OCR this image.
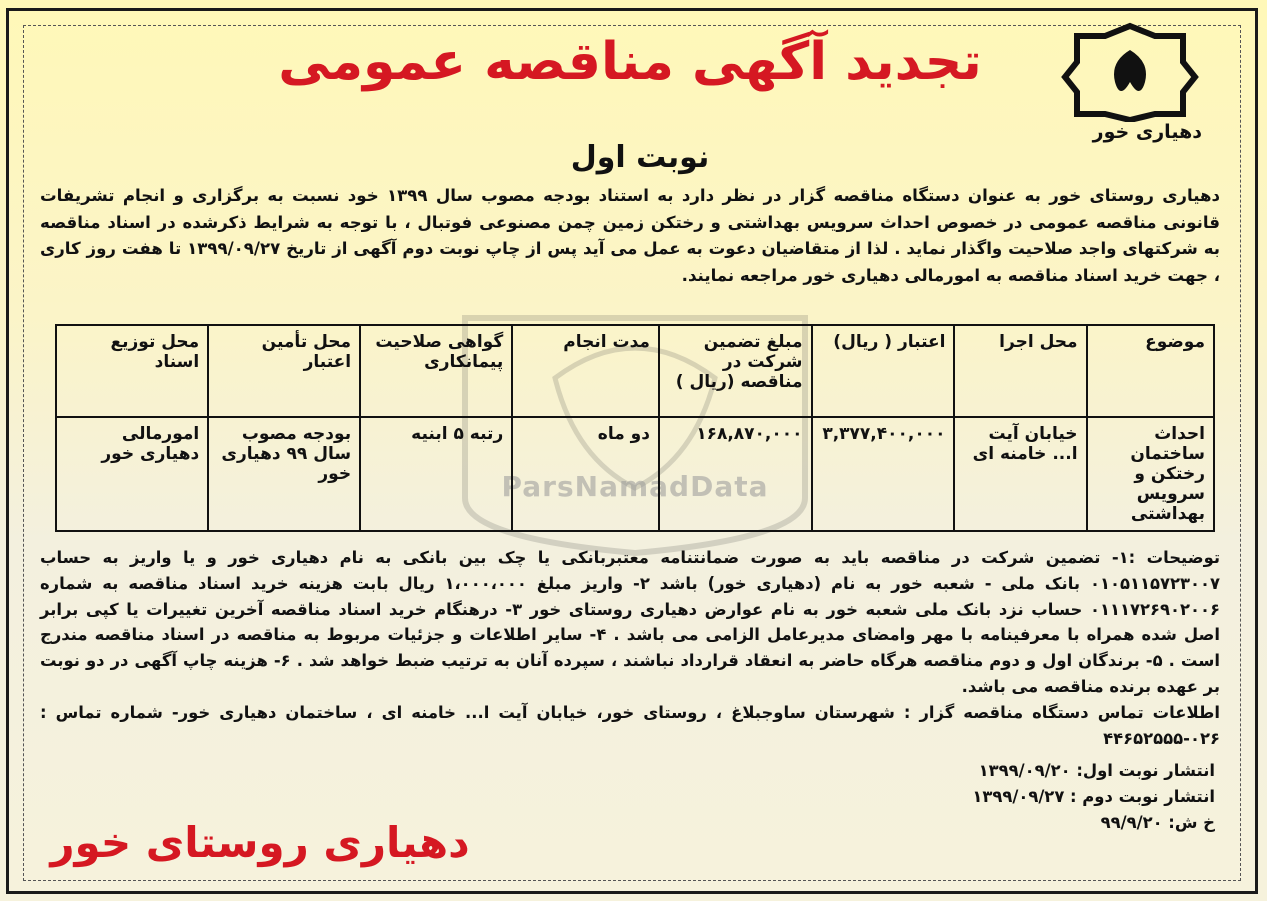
ParsNamadData
دهیاری خور
تجدید آگهی مناقصه عمومی
نوبت اول
دهیاری روستای خور به عنوان دستگاه مناقصه گزار در نظر دارد به استناد بودجه مصوب سال ۱۳۹۹ خود نسبت به برگزاری و انجام تشریفات قانونی مناقصه عمومی در خصوص احداث سرویس بهداشتی و رختکن زمین چمن مصنوعی فوتبال ، با توجه به شرایط ذکرشده در اسناد مناقصه به شرکتهای واجد صلاحیت واگذار نماید . لذا از متقاضیان دعوت به عمل می آید پس از چاپ نوبت دوم آگهی از تاریخ ۱۳۹۹/۰۹/۲۷ تا هفت روز کاری ، جهت خرید اسناد مناقصه به امورمالی دهیاری خور مراجعه نمایند.
موضوع	محل اجرا	اعتبار ( ریال)	مبلغ تضمین شرکت در مناقصه (ریال )	مدت انجام	گواهی صلاحیت پیمانکاری	محل تأمین اعتبار	محل توزیع اسناد
احداث ساختمان رختکن و سرویس بهداشتی	خیابان آیت ا... خامنه ای	۳,۳۷۷,۴۰۰,۰۰۰	۱۶۸,۸۷۰,۰۰۰	دو ماه	رتبه ۵ ابنیه	بودجه مصوب سال ۹۹ دهیاری خور	امورمالی دهیاری خور
توضیحات :۱- تضمین شرکت در مناقصه باید به صورت ضمانتنامه معتبربانکی یا چک بین بانکی به نام دهیاری خور و یا واریز به حساب ۰۱۰۵۱۱۵۷۲۳۰۰۷ بانک ملی - شعبه خور به نام (دهیاری خور) باشد ۲- واریز مبلغ ۱،۰۰۰،۰۰۰ ریال بابت هزینه خرید اسناد مناقصه به شماره ۰۱۱۱۷۲۶۹۰۲۰۰۶ حساب نزد بانک ملی شعبه خور به نام عوارض دهیاری روستای خور ۳- درهنگام خرید اسناد مناقصه آخرین تغییرات یا کپی برابر اصل شده همراه با معرفینامه با مهر وامضای مدیرعامل الزامی می باشد . ۴- سایر اطلاعات و جزئیات مربوط به مناقصه در اسناد مناقصه مندرج است . ۵- برندگان اول و دوم مناقصه هرگاه حاضر به انعقاد قرارداد نباشند ، سپرده آنان به ترتیب ضبط خواهد شد . ۶- هزینه چاپ آگهی در دو نوبت بر عهده برنده مناقصه می باشد.
اطلاعات تماس دستگاه مناقصه گزار : شهرستان ساوجبلاغ ، روستای خور، خیابان آیت ا... خامنه ای ، ساختمان دهیاری خور- شماره تماس : ۰۲۶-۴۴۶۵۲۵۵۵
انتشار نوبت اول: ۱۳۹۹/۰۹/۲۰
انتشار نوبت دوم : ۱۳۹۹/۰۹/۲۷
خ ش: ۹۹/۹/۲۰
دهیاری روستای خور
